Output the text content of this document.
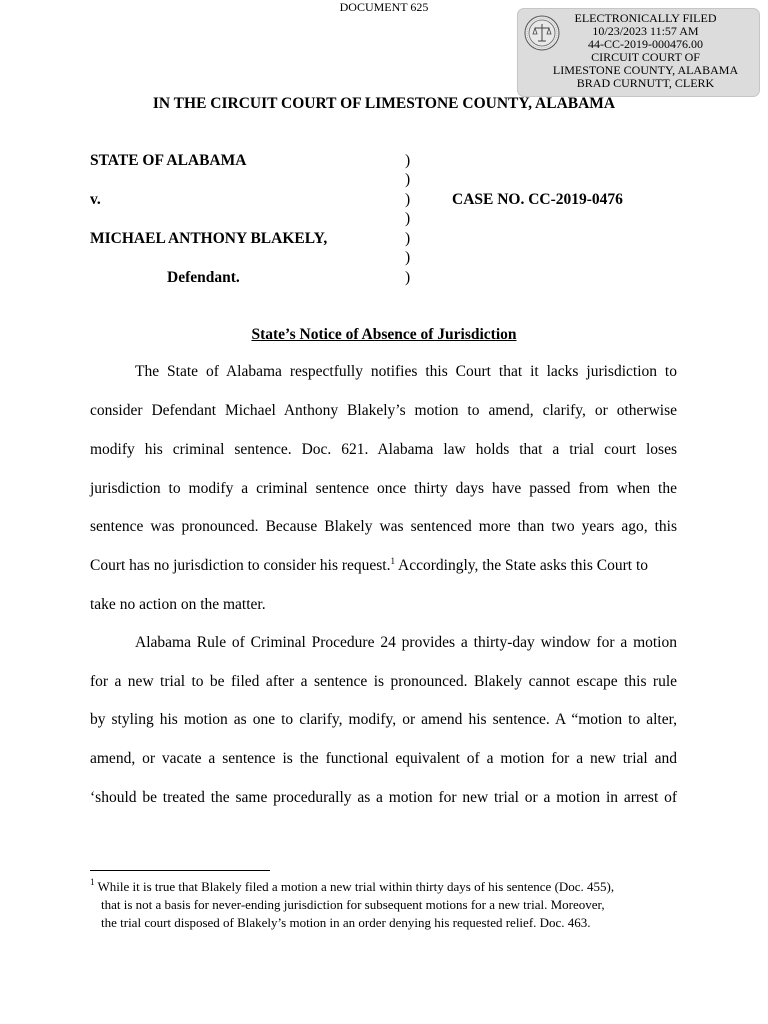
DOCUMENT 625
ELECTRONICALLY FILED
10/23/2023 11:57 AM
44-CC-2019-000476.00
CIRCUIT COURT OF
LIMESTONE COUNTY, ALABAMA
BRAD CURNUTT, CLERK
IN THE CIRCUIT COURT OF LIMESTONE COUNTY, ALABAMA
STATE OF ALABAMA
v.
MICHAEL ANTHONY BLAKELY,
Defendant.
CASE NO. CC-2019-0476
)
)
)
)
)
)
)
State’s Notice of Absence of Jurisdiction
The State of Alabama respectfully notifies this Court that it lacks jurisdiction to
consider Defendant Michael Anthony Blakely’s motion to amend, clarify, or otherwise
modify his criminal sentence. Doc. 621. Alabama law holds that a trial court loses
jurisdiction to modify a criminal sentence once thirty days have passed from when the
sentence was pronounced. Because Blakely was sentenced more than two years ago, this
Court has no jurisdiction to consider his request.$^1$ Accordingly, the State asks this Court to
take no action on the matter.
Alabama Rule of Criminal Procedure 24 provides a thirty-day window for a motion
for a new trial to be filed after a sentence is pronounced. Blakely cannot escape this rule
by styling his motion as one to clarify, modify, or amend his sentence. A “motion to alter,
amend, or vacate a sentence is the functional equivalent of a motion for a new trial and
‘should be treated the same procedurally as a motion for new trial or a motion in arrest of
$^1$ While it is true that Blakely filed a motion a new trial within thirty days of his sentence (Doc. 455),
that is not a basis for never-ending jurisdiction for subsequent motions for a new trial. Moreover,
the trial court disposed of Blakely’s motion in an order denying his requested relief. Doc. 463.
